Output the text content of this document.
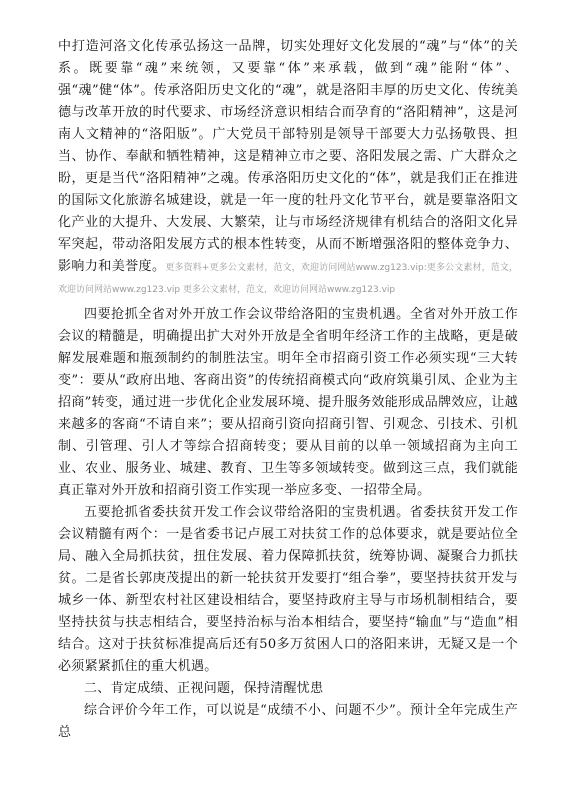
中打造河洛文化传承弘扬这一品牌，切实处理好文化发展的“魂”与“体”的关系。既要靠“魂”来统领，又要靠“体”来承载，做到“魂”能附“体”、强“魂”健“体”。传承洛阳历史文化的“魂”，就是洛阳丰厚的历史文化、传统美德与改革开放的时代要求、市场经济意识相结合而孕育的“洛阳精神”，这是河南人文精神的“洛阳版”。广大党员干部特别是领导干部要大力弘扬敬畏、担当、协作、奉献和牺牲精神，这是精神立市之要、洛阳发展之需、广大群众之盼，更是当代“洛阳精神”之魂。传承洛阳历史文化的“体”，就是我们正在推进的国际文化旅游名城建设，就是一年一度的牡丹文化节平台，就是要靠洛阳文化产业的大提升、大发展、大繁荣，让与市场经济规律有机结合的洛阳文化异军突起，带动洛阳发展方式的根本性转变，从而不断增强洛阳的整体竞争力、影响力和美誉度。更多资料+更多公文素材，范文，欢迎访问网站www.zg123.vip:更多公文素材，范文，欢迎访问网站www.zg123.vip 更多公文素材，范文，欢迎访问网站www.zg123.vip

四要抢抓全省对外开放工作会议带给洛阳的宝贵机遇。全省对外开放工作会议的精髓是，明确提出扩大对外开放是全省明年经济工作的主战略，更是破解发展难题和瓶颈制约的制胜法宝。明年全市招商引资工作必须实现“三大转变”：要从“政府出地、客商出资”的传统招商模式向“政府筑巢引凤、企业为主招商”转变，通过进一步优化企业发展环境、提升服务效能形成品牌效应，让越来越多的客商“不请自来”；要从招商引资向招商引智、引观念、引技术、引机制、引管理、引人才等综合招商转变；要从目前的以单一领域招商为主向工业、农业、服务业、城建、教育、卫生等多领域转变。做到这三点，我们就能真正靠对外开放和招商引资工作实现一举应多变、一招带全局。

五要抢抓省委扶贫开发工作会议带给洛阳的宝贵机遇。省委扶贫开发工作会议精髓有两个：一是省委书记卢展工对扶贫工作的总体要求，就是要站位全局、融入全局抓扶贫，扭住发展、着力保障抓扶贫，统筹协调、凝聚合力抓扶贫。二是省长郭庚茂提出的新一轮扶贫开发要打“组合拳”，要坚持扶贫开发与城乡一体、新型农村社区建设相结合，要坚持政府主导与市场机制相结合，要坚持扶贫与扶志相结合，要坚持治标与治本相结合，要坚持“输血”与“造血”相结合。这对于扶贫标准提高后还有50多万贫困人口的洛阳来讲，无疑又是一个必须紧紧抓住的重大机遇。

二、肯定成绩、正视问题，保持清醒忧患

综合评价今年工作，可以说是“成绩不小、问题不少”。预计全年完成生产总
